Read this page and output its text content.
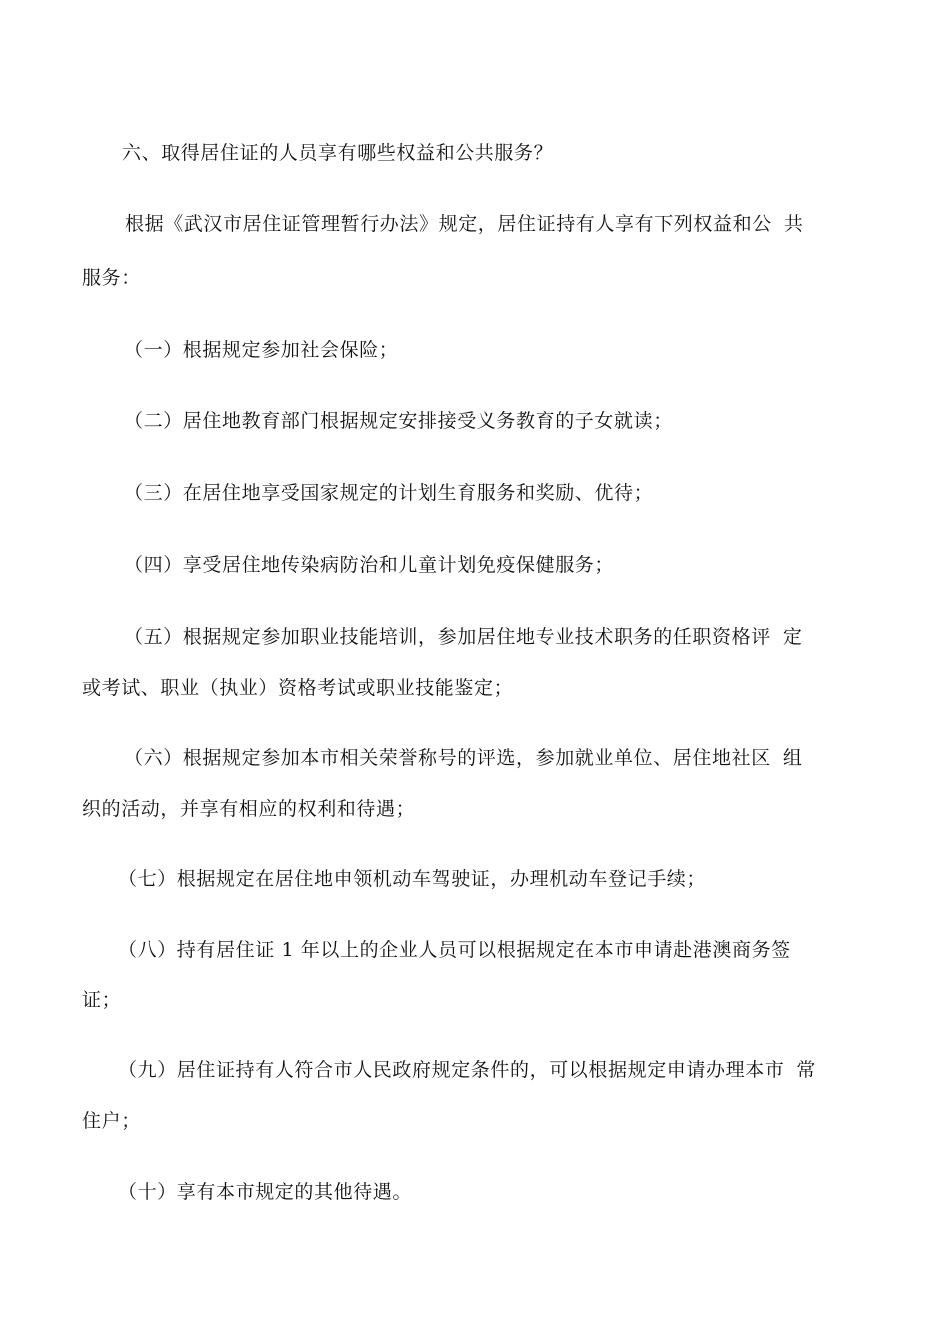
六、取得居住证的人员享有哪些权益和公共服务？
根据《武汉市居住证管理暂行办法》规定，居住证持有人享有下列权益和公 共
服务：
（一）根据规定参加社会保险；
（二）居住地教育部门根据规定安排接受义务教育的子女就读；
（三）在居住地享受国家规定的计划生育服务和奖励、优待；
（四）享受居住地传染病防治和儿童计划免疫保健服务；
（五）根据规定参加职业技能培训，参加居住地专业技术职务的任职资格评 定
或考试、职业（执业）资格考试或职业技能鉴定；
（六）根据规定参加本市相关荣誉称号的评选，参加就业单位、居住地社区 组
织的活动，并享有相应的权利和待遇；
（七）根据规定在居住地申领机动车驾驶证，办理机动车登记手续；
（八）持有居住证 1 年以上的企业人员可以根据规定在本市申请赴港澳商务签
证；
（九）居住证持有人符合市人民政府规定条件的，可以根据规定申请办理本市 常
住户；
（十）享有本市规定的其他待遇。
